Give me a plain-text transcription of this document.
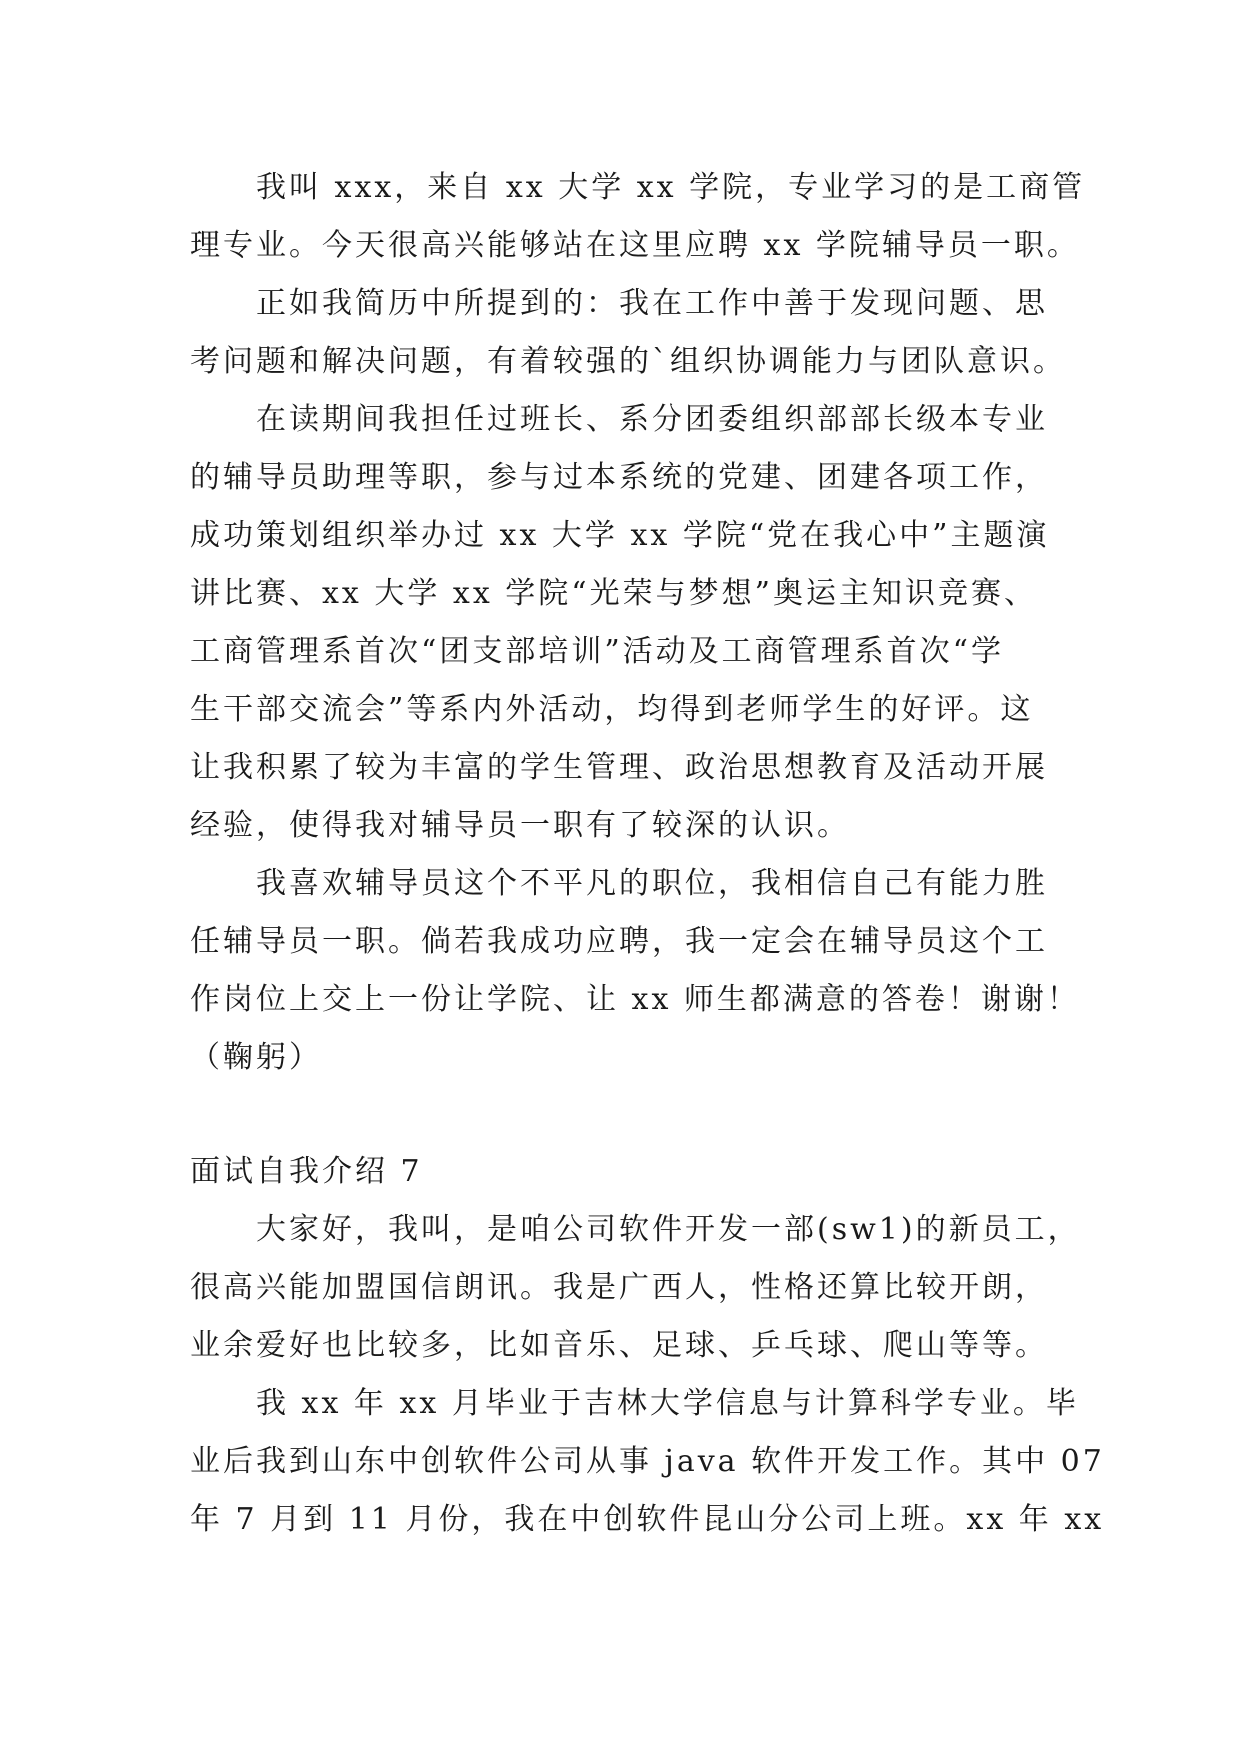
我叫 xxx，来自 xx 大学 xx 学院，专业学习的是工商管
理专业。今天很高兴能够站在这里应聘 xx 学院辅导员一职。
正如我简历中所提到的：我在工作中善于发现问题、思
考问题和解决问题，有着较强的`组织协调能力与团队意识。
在读期间我担任过班长、系分团委组织部部长级本专业
的辅导员助理等职，参与过本系统的党建、团建各项工作，
成功策划组织举办过 xx 大学 xx 学院“党在我心中”主题演
讲比赛、xx 大学 xx 学院“光荣与梦想”奥运主知识竞赛、
工商管理系首次“团支部培训”活动及工商管理系首次“学
生干部交流会”等系内外活动，均得到老师学生的好评。这
让我积累了较为丰富的学生管理、政治思想教育及活动开展
经验，使得我对辅导员一职有了较深的认识。
我喜欢辅导员这个不平凡的职位，我相信自己有能力胜
任辅导员一职。倘若我成功应聘，我一定会在辅导员这个工
作岗位上交上一份让学院、让 xx 师生都满意的答卷！谢谢！
（鞠躬）
面试自我介绍 7
大家好，我叫，是咱公司软件开发一部(sw1)的新员工，
很高兴能加盟国信朗讯。我是广西人，性格还算比较开朗，
业余爱好也比较多，比如音乐、足球、乒乓球、爬山等等。
我 xx 年 xx 月毕业于吉林大学信息与计算科学专业。毕
业后我到山东中创软件公司从事 java 软件开发工作。其中 07
年 7 月到 11 月份，我在中创软件昆山分公司上班。xx 年 xx
